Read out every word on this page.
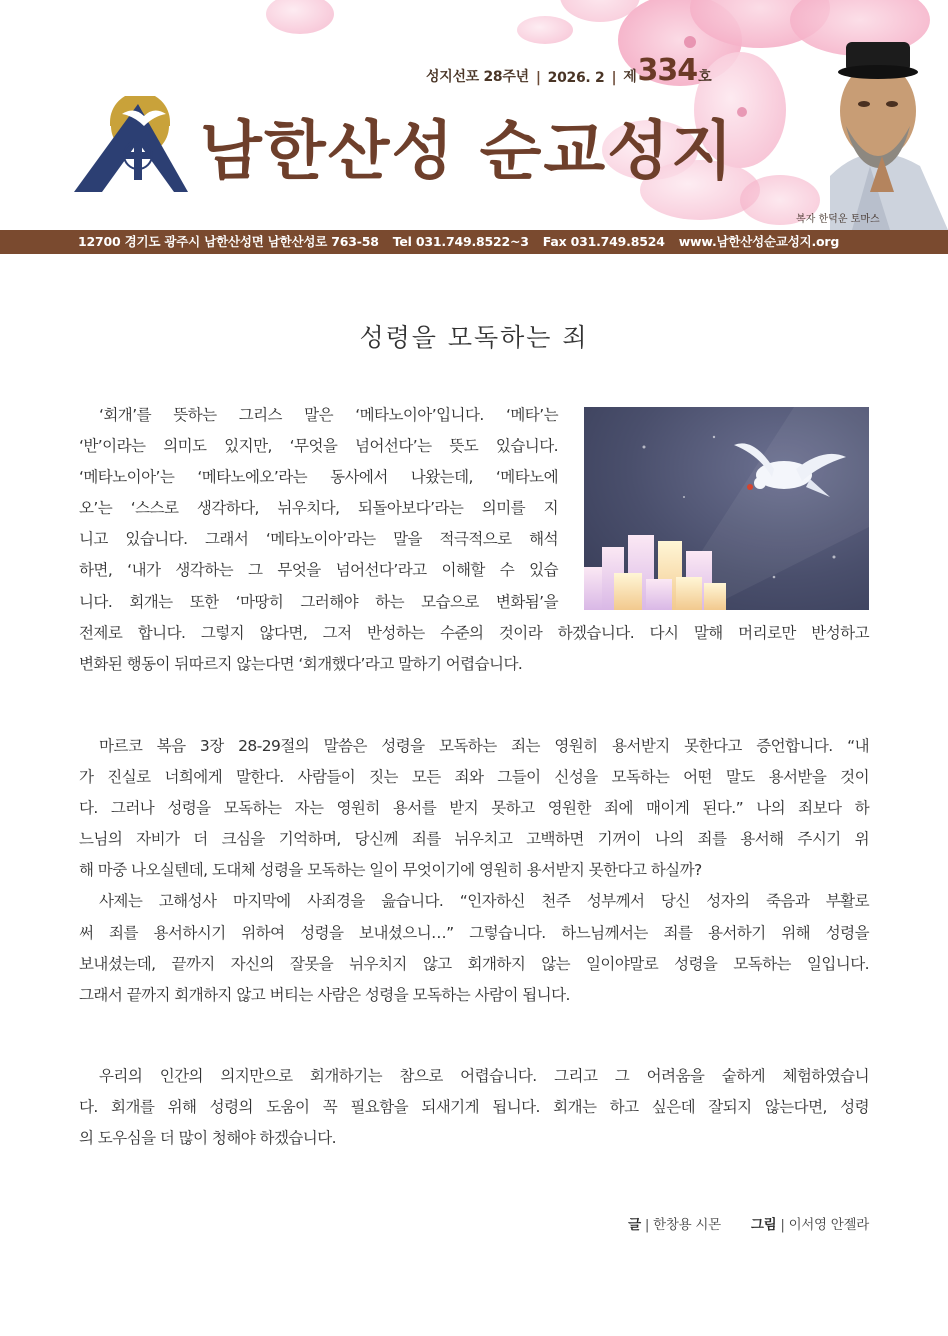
성지선포 28주년 | 2026. 2 | 제 334 호
남한산성 순교성지
복자 한덕운 토마스
12700 경기도 광주시 남한산성면 남한산성로 763-58 Tel 031.749.8522~3 Fax 031.749.8524 www.남한산성순교성지.org
성령을 모독하는 죄
‘회개’를 뜻하는 그리스 말은 ‘메타노이아’입니다. ‘메타’는
‘반’이라는 의미도 있지만, ‘무엇을 넘어선다’는 뜻도 있습니다.
‘메타노이아’는 ‘메타노에오’라는 동사에서 나왔는데, ‘메타노에
오’는 ‘스스로 생각하다, 뉘우치다, 되돌아보다’라는 의미를 지
니고 있습니다. 그래서 ‘메타노이아’라는 말을 적극적으로 해석
하면, ‘내가 생각하는 그 무엇을 넘어선다’라고 이해할 수 있습
니다. 회개는 또한 ‘마땅히 그러해야 하는 모습으로 변화됨’을
전제로 합니다. 그렇지 않다면, 그저 반성하는 수준의 것이라 하겠습니다. 다시 말해 머리로만 반성하고
변화된 행동이 뒤따르지 않는다면 ‘회개했다’라고 말하기 어렵습니다.
마르코 복음 3장 28-29절의 말씀은 성령을 모독하는 죄는 영원히 용서받지 못한다고 증언합니다. “내
가 진실로 너희에게 말한다. 사람들이 짓는 모든 죄와 그들이 신성을 모독하는 어떤 말도 용서받을 것이
다. 그러나 성령을 모독하는 자는 영원히 용서를 받지 못하고 영원한 죄에 매이게 된다.” 나의 죄보다 하
느님의 자비가 더 크심을 기억하며, 당신께 죄를 뉘우치고 고백하면 기꺼이 나의 죄를 용서해 주시기 위
해 마중 나오실텐데, 도대체 성령을 모독하는 일이 무엇이기에 영원히 용서받지 못한다고 하실까?
사제는 고해성사 마지막에 사죄경을 읊습니다. “인자하신 천주 성부께서 당신 성자의 죽음과 부활로
써 죄를 용서하시기 위하여 성령을 보내셨으니…” 그렇습니다. 하느님께서는 죄를 용서하기 위해 성령을
보내셨는데, 끝까지 자신의 잘못을 뉘우치지 않고 회개하지 않는 일이야말로 성령을 모독하는 일입니다.
그래서 끝까지 회개하지 않고 버티는 사람은 성령을 모독하는 사람이 됩니다.
우리의 인간의 의지만으로 회개하기는 참으로 어렵습니다. 그리고 그 어려움을 숱하게 체험하였습니
다. 회개를 위해 성령의 도움이 꼭 필요함을 되새기게 됩니다. 회개는 하고 싶은데 잘되지 않는다면, 성령
의 도우심을 더 많이 청해야 하겠습니다.
글 | 한창용 시몬 그림 | 이서영 안젤라
